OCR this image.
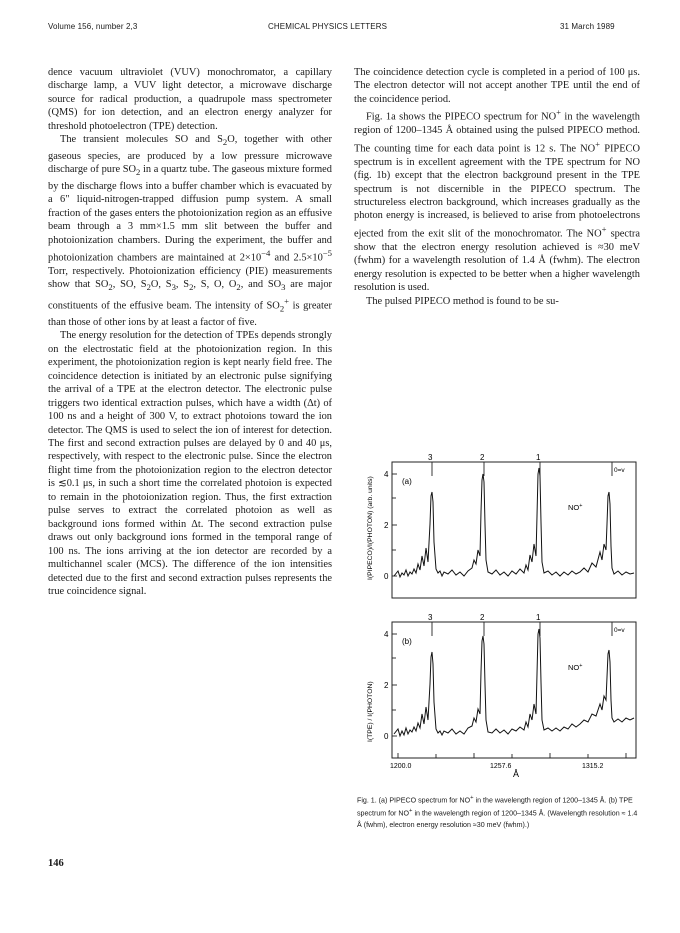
Volume 156, number 2,3	CHEMICAL PHYSICS LETTERS	31 March 1989

dence vacuum ultraviolet (VUV) monochromator, a capillary discharge lamp, a VUV light detector, a microwave discharge source for radical production, a quadrupole mass spectrometer (QMS) for ion detection, and an electron energy analyzer for threshold photoelectron (TPE) detection.

The transient molecules SO and $S_2O$, together with other gaseous species, are produced by a low pressure microwave discharge of pure $SO_2$ in a quartz tube. The gaseous mixture formed by the discharge flows into a buffer chamber which is evacuated by a 6" liquid-nitrogen-trapped diffusion pump system. A small fraction of the gases enters the photoionization region as an effusive beam through a 3 mm×1.5 mm slit between the buffer and photoionization chambers. During the experiment, the buffer and photoionization chambers are maintained at $2\times 10^{-4}$ and $2.5\times 10^{-5}$ Torr, respectively. Photoionization efficiency (PIE) measurements show that $SO_2$, SO, $S_2O$, $S_3$, $S_2$, S, O, $O_2$, and $SO_3$ are major constituents of the effusive beam. The intensity of $SO_2^+$ is greater than those of other ions by at least a factor of five.

The energy resolution for the detection of TPEs depends strongly on the electrostatic field at the photoionization region. In this experiment, the photoionization region is kept nearly field free. The coincidence detection is initiated by an electronic pulse signifying the arrival of a TPE at the electron detector. The electronic pulse triggers two identical extraction pulses, which have a width (Δt) of 100 ns and a height of 300 V, to extract photoions toward the ion detector. The QMS is used to select the ion of interest for detection. The first and second extraction pulses are delayed by 0 and 40 μs, respectively, with respect to the electronic pulse. Since the electron flight time from the photoionization region to the electron detector is ≲0.1 μs, in such a short time the correlated photoion is expected to remain in the photoionization region. Thus, the first extraction pulse serves to extract the correlated photoion as well as background ions formed within Δt. The second extraction pulse draws out only background ions formed in the temporal range of 100 ns. The ions arriving at the ion detector are recorded by a multichannel scaler (MCS). The difference of the ion intensities detected due to the first and second extraction pulses represents the true coincidence signal.

The coincidence detection cycle is completed in a period of 100 μs. The electron detector will not accept another TPE until the end of the coincidence period.

Fig. 1a shows the PIPECO spectrum for NO+ in the wavelength region of 1200–1345 Å obtained using the pulsed PIPECO method. The counting time for each data point is 12 s. The NO+ PIPECO spectrum is in excellent agreement with the TPE spectrum for NO (fig. 1b) except that the electron background present in the TPE spectrum is not discernible in the PIPECO spectrum. The structureless electron background, which increases gradually as the photon energy is increased, is believed to arise from photoelectrons ejected from the exit slit of the monochromator. The NO+ spectra show that the electron energy resolution achieved is ≈30 meV (fwhm) for a wavelength resolution of 1.4 Å (fwhm). The electron energy resolution is expected to be better when a higher wavelength resolution is used.

The pulsed PIPECO method is found to be su-

3	2	1
0=v
3	2	1
0=v
4
2
0
4
2
0
1200.0	1257.6	1315.2
Å
(a)
(b)
NO+
NO+
I(PIPECO)/I(PHOTON) (arb. units)
I(TPE) / I(PHOTON)
Fig. 1. (a) PIPECO spectrum for NO+ in the wavelength region of 1200–1345 Å. (b) TPE spectrum for NO+ in the wavelength region of 1200–1345 Å. (Wavelength resolution ≈ 1.4 Å (fwhm), electron energy resolution ≈30 meV (fwhm).)
146
